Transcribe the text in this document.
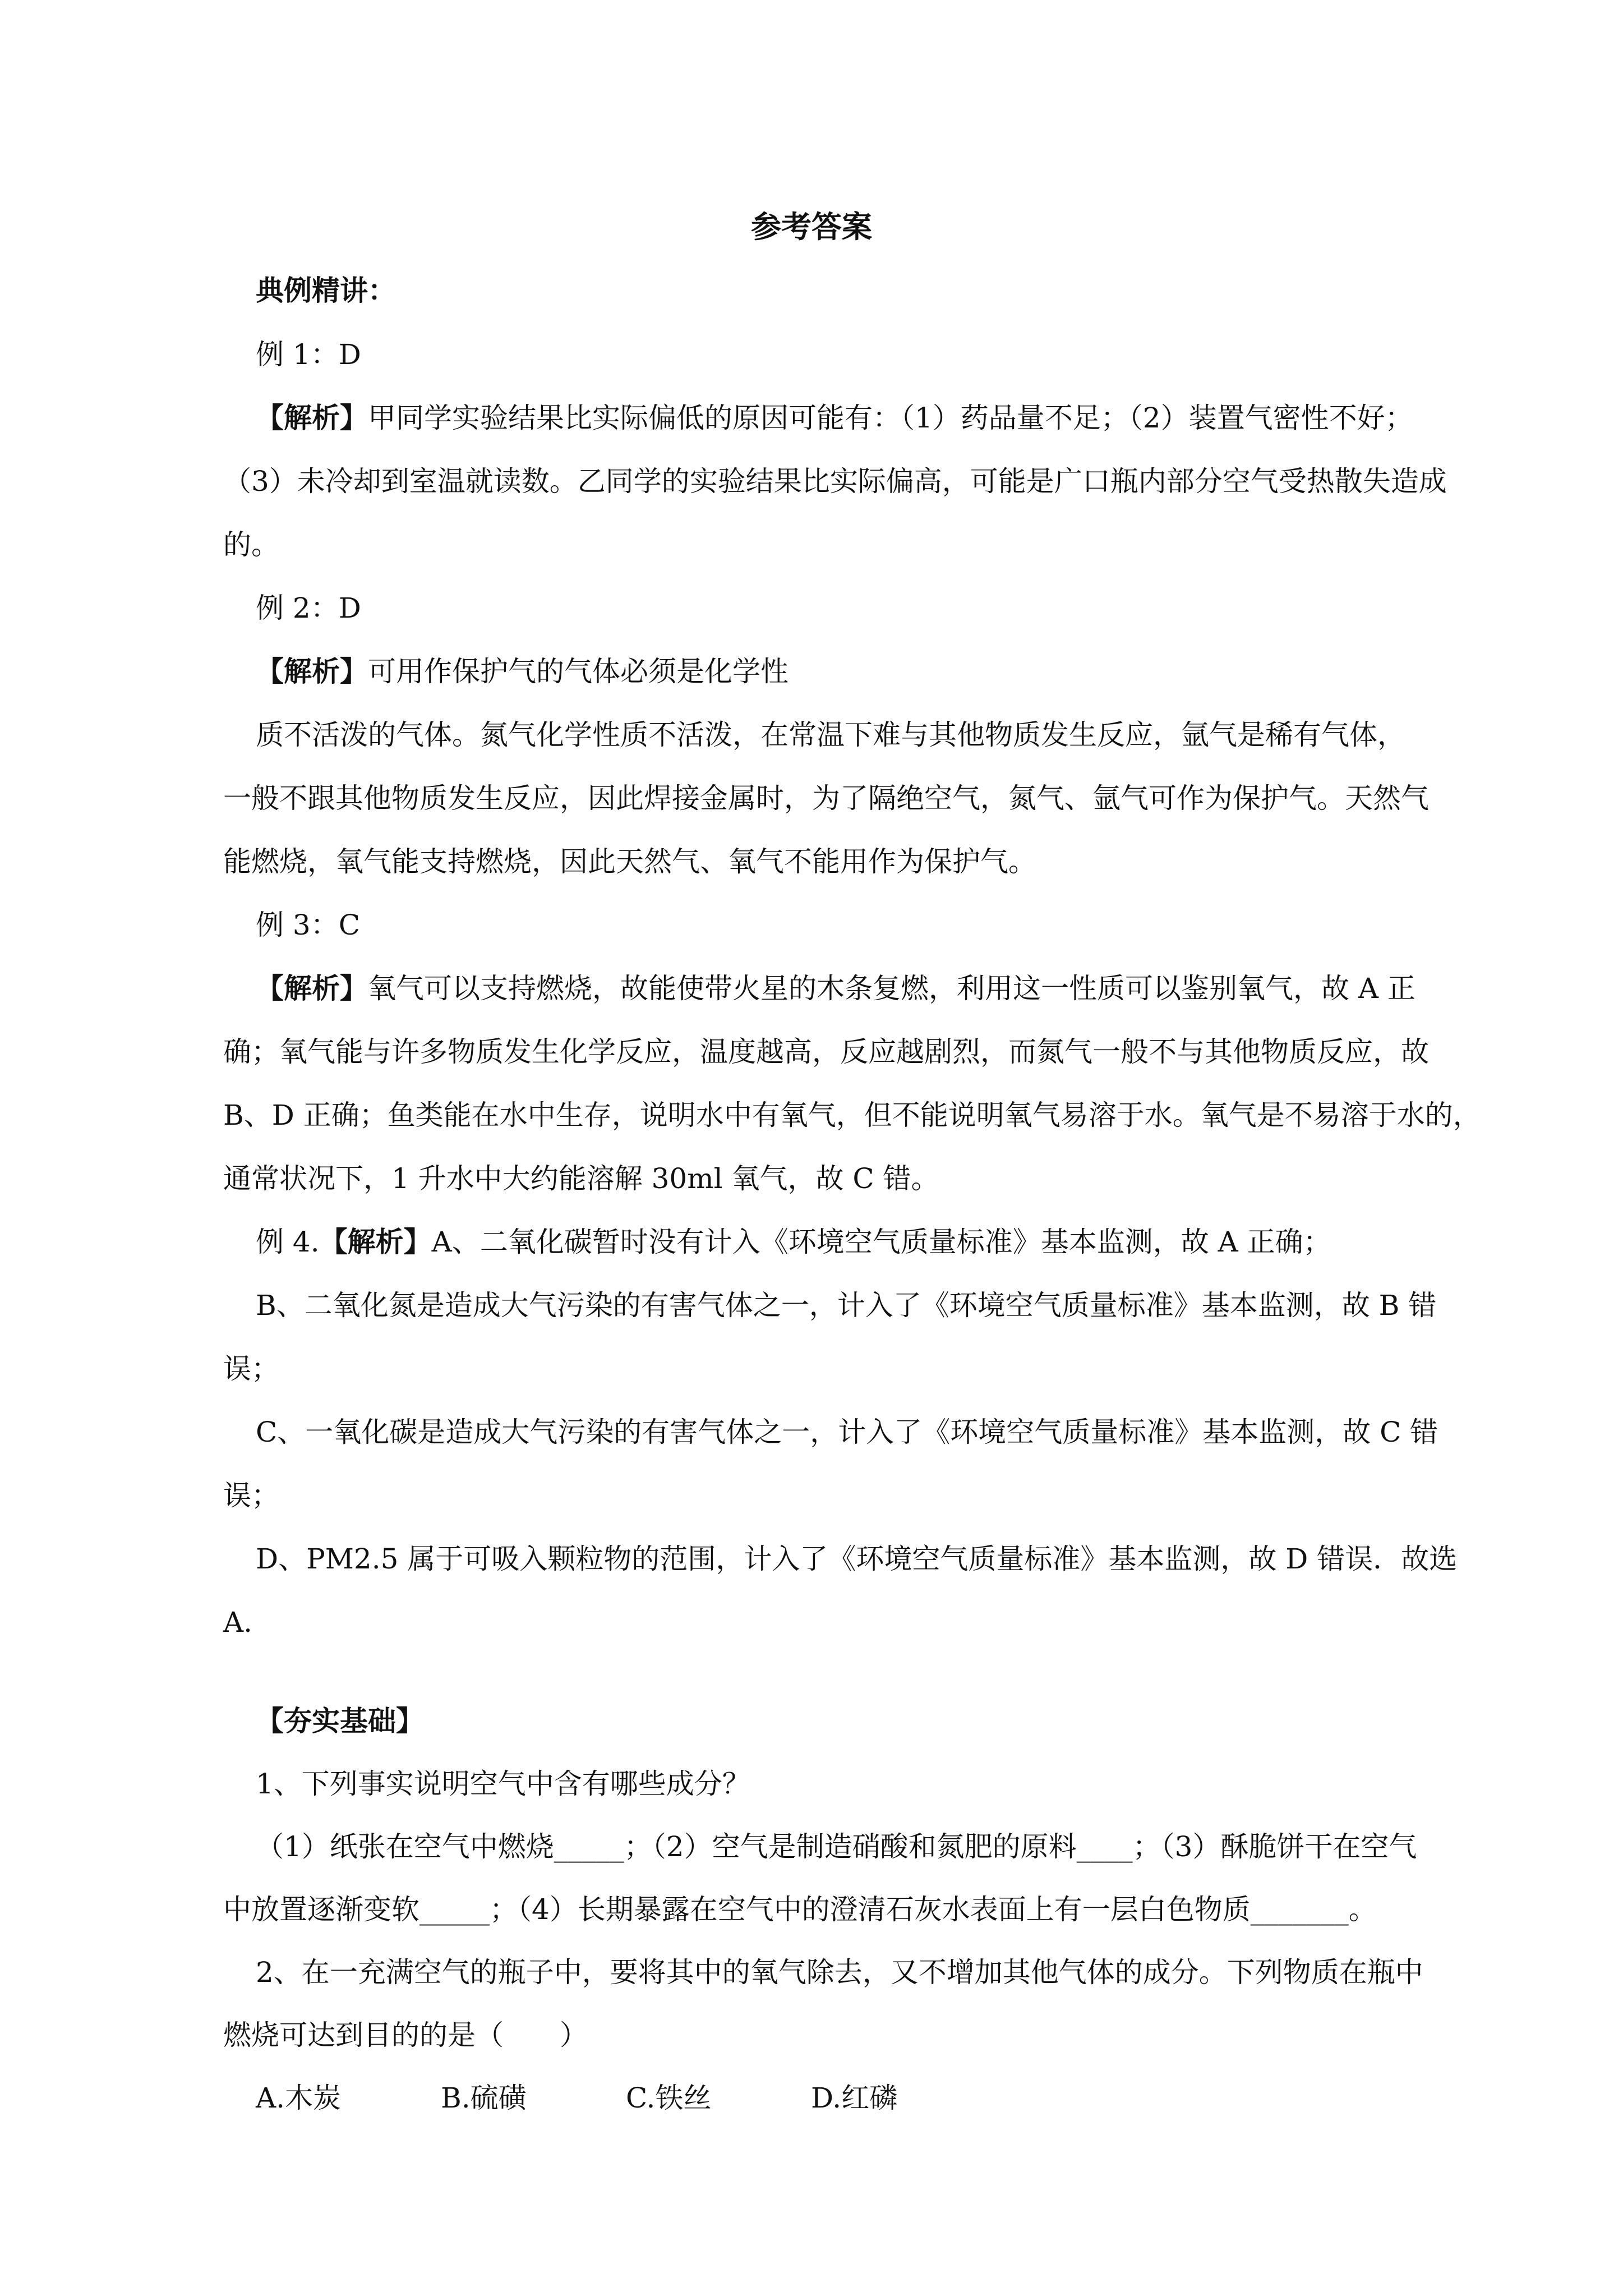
参考答案
典例精讲：
例 1：D
【解析】甲同学实验结果比实际偏低的原因可能有：（1）药品量不足；（2）装置气密性不好；
（3）未冷却到室温就读数。乙同学的实验结果比实际偏高，可能是广口瓶内部分空气受热散失造成
的。
例 2：D
【解析】可用作保护气的气体必须是化学性
质不活泼的气体。氮气化学性质不活泼，在常温下难与其他物质发生反应，氩气是稀有气体，
一般不跟其他物质发生反应，因此焊接金属时，为了隔绝空气，氮气、氩气可作为保护气。天然气
能燃烧，氧气能支持燃烧，因此天然气、氧气不能用作为保护气。
例 3：C
【解析】氧气可以支持燃烧，故能使带火星的木条复燃，利用这一性质可以鉴别氧气，故 A 正
确；氧气能与许多物质发生化学反应，温度越高，反应越剧烈，而氮气一般不与其他物质反应，故
B、D 正确；鱼类能在水中生存，说明水中有氧气，但不能说明氧气易溶于水。氧气是不易溶于水的，
通常状况下，1 升水中大约能溶解 30ml 氧气，故 C 错。
例 4.【解析】A、二氧化碳暂时没有计入《环境空气质量标准》基本监测，故 A 正确；
B、二氧化氮是造成大气污染的有害气体之一，计入了《环境空气质量标准》基本监测，故 B 错
误；
C、一氧化碳是造成大气污染的有害气体之一，计入了《环境空气质量标准》基本监测，故 C 错
误；
D、PM2.5 属于可吸入颗粒物的范围，计入了《环境空气质量标准》基本监测，故 D 错误．故选
A.
【夯实基础】
1、下列事实说明空气中含有哪些成分？
（1）纸张在空气中燃烧_____；（2）空气是制造硝酸和氮肥的原料____；（3）酥脆饼干在空气
中放置逐渐变软_____；（4）长期暴露在空气中的澄清石灰水表面上有一层白色物质_______。
2、在一充满空气的瓶子中，要将其中的氧气除去，又不增加其他气体的成分。下列物质在瓶中
燃烧可达到目的的是（　　）
A.木炭	B.硫磺	C.铁丝	D.红磷
